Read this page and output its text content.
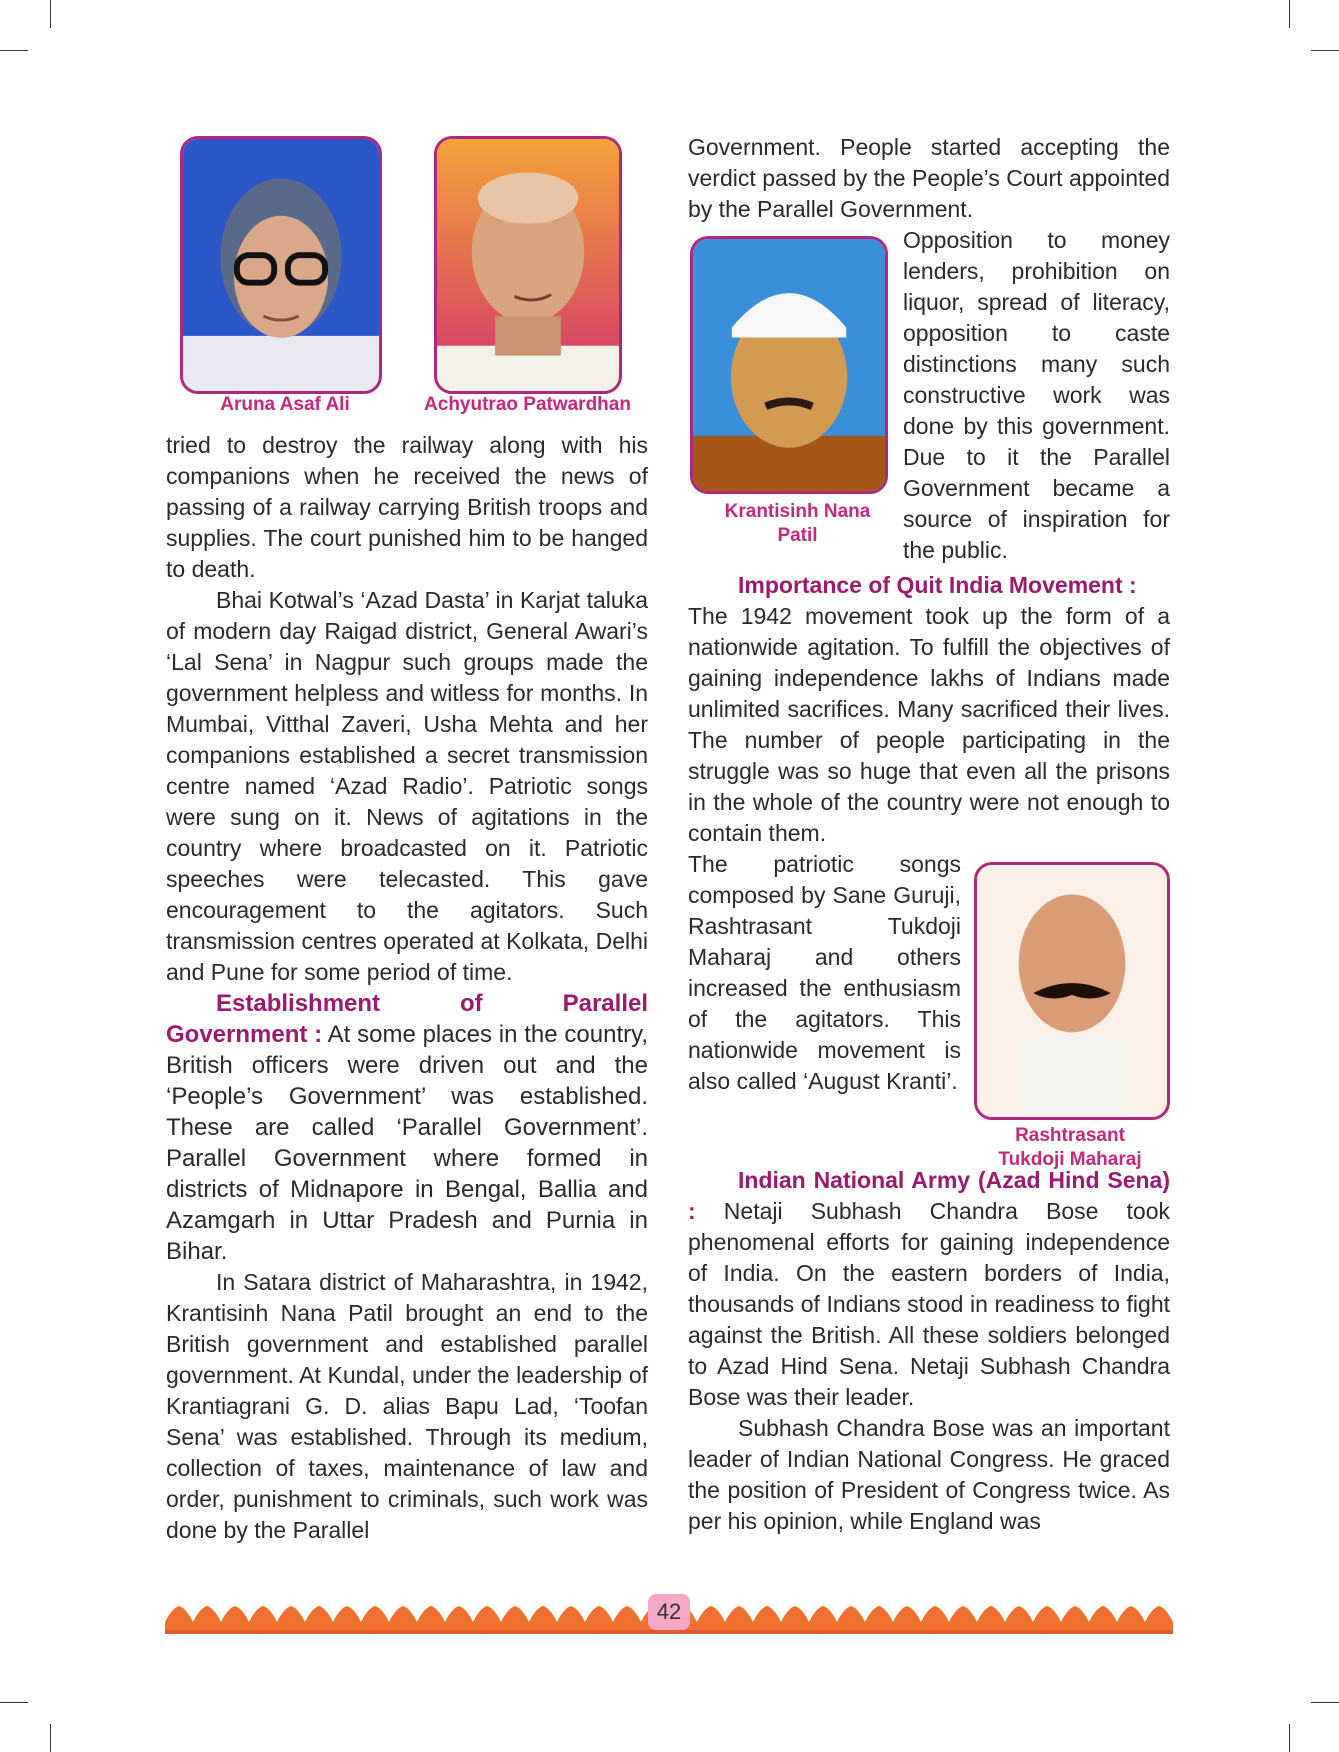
Aruna Asaf Ali	Achyutrao Patwardhan

tried to destroy the railway along with his companions when he received the news of passing of a railway carrying British troops and supplies. The court punished him to be hanged to death.

Bhai Kotwal’s ‘Azad Dasta’ in Karjat taluka of modern day Raigad district, General Awari’s ‘Lal Sena’ in Nagpur such groups made the government helpless and witless for months. In Mumbai, Vitthal Zaveri, Usha Mehta and her companions established a secret transmission centre named ‘Azad Radio’. Patriotic songs were sung on it. News of agitations in the country where broadcasted on it. Patriotic speeches were telecasted. This gave encouragement to the agitators. Such transmission centres operated at Kolkata, Delhi and Pune for some period of time.

Establishment of Parallel Government : At some places in the country, British officers were driven out and the ‘People’s Government’ was established. These are called ‘Parallel Government’. Parallel Government where formed in districts of Midnapore in Bengal, Ballia and Azamgarh in Uttar Pradesh and Purnia in Bihar.

In Satara district of Maharashtra, in 1942, Krantisinh Nana Patil brought an end to the British government and established parallel government. At Kundal, under the leadership of Krantiagrani G. D. alias Bapu Lad, ‘Toofan Sena’ was established. Through its medium, collection of taxes, maintenance of law and order, punishment to criminals, such work was done by the Parallel

Government. People started accepting the verdict passed by the People’s Court appointed by the Parallel Government.
Krantisinh Nana
Patil
Opposition to money lenders, prohibition on liquor, spread of literacy, opposition to caste distinctions many such constructive work was done by this government. Due to it the Parallel Government became a source of inspiration for the public.

Importance of Quit India Movement :

The 1942 movement took up the form of a nationwide agitation. To fulfill the objectives of gaining independence lakhs of Indians made unlimited sacrifices. Many sacrificed their lives. The number of people participating in the struggle was so huge that even all the prisons in the whole of the country were not enough to contain them.

The patriotic songs composed by Sane Guruji, Rashtrasant Tukdoji Maharaj and others increased the enthusiasm of the agitators. This nationwide movement is also called ‘August Kranti’.
Rashtrasant
Tukdoji Maharaj

Indian National Army (Azad Hind Sena) : Netaji Subhash Chandra Bose took phenomenal efforts for gaining independence of India. On the eastern borders of India, thousands of Indians stood in readiness to fight against the British. All these soldiers belonged to Azad Hind Sena. Netaji Subhash Chandra Bose was their leader.

Subhash Chandra Bose was an important leader of Indian National Congress. He graced the position of President of Congress twice. As per his opinion, while England was

42
